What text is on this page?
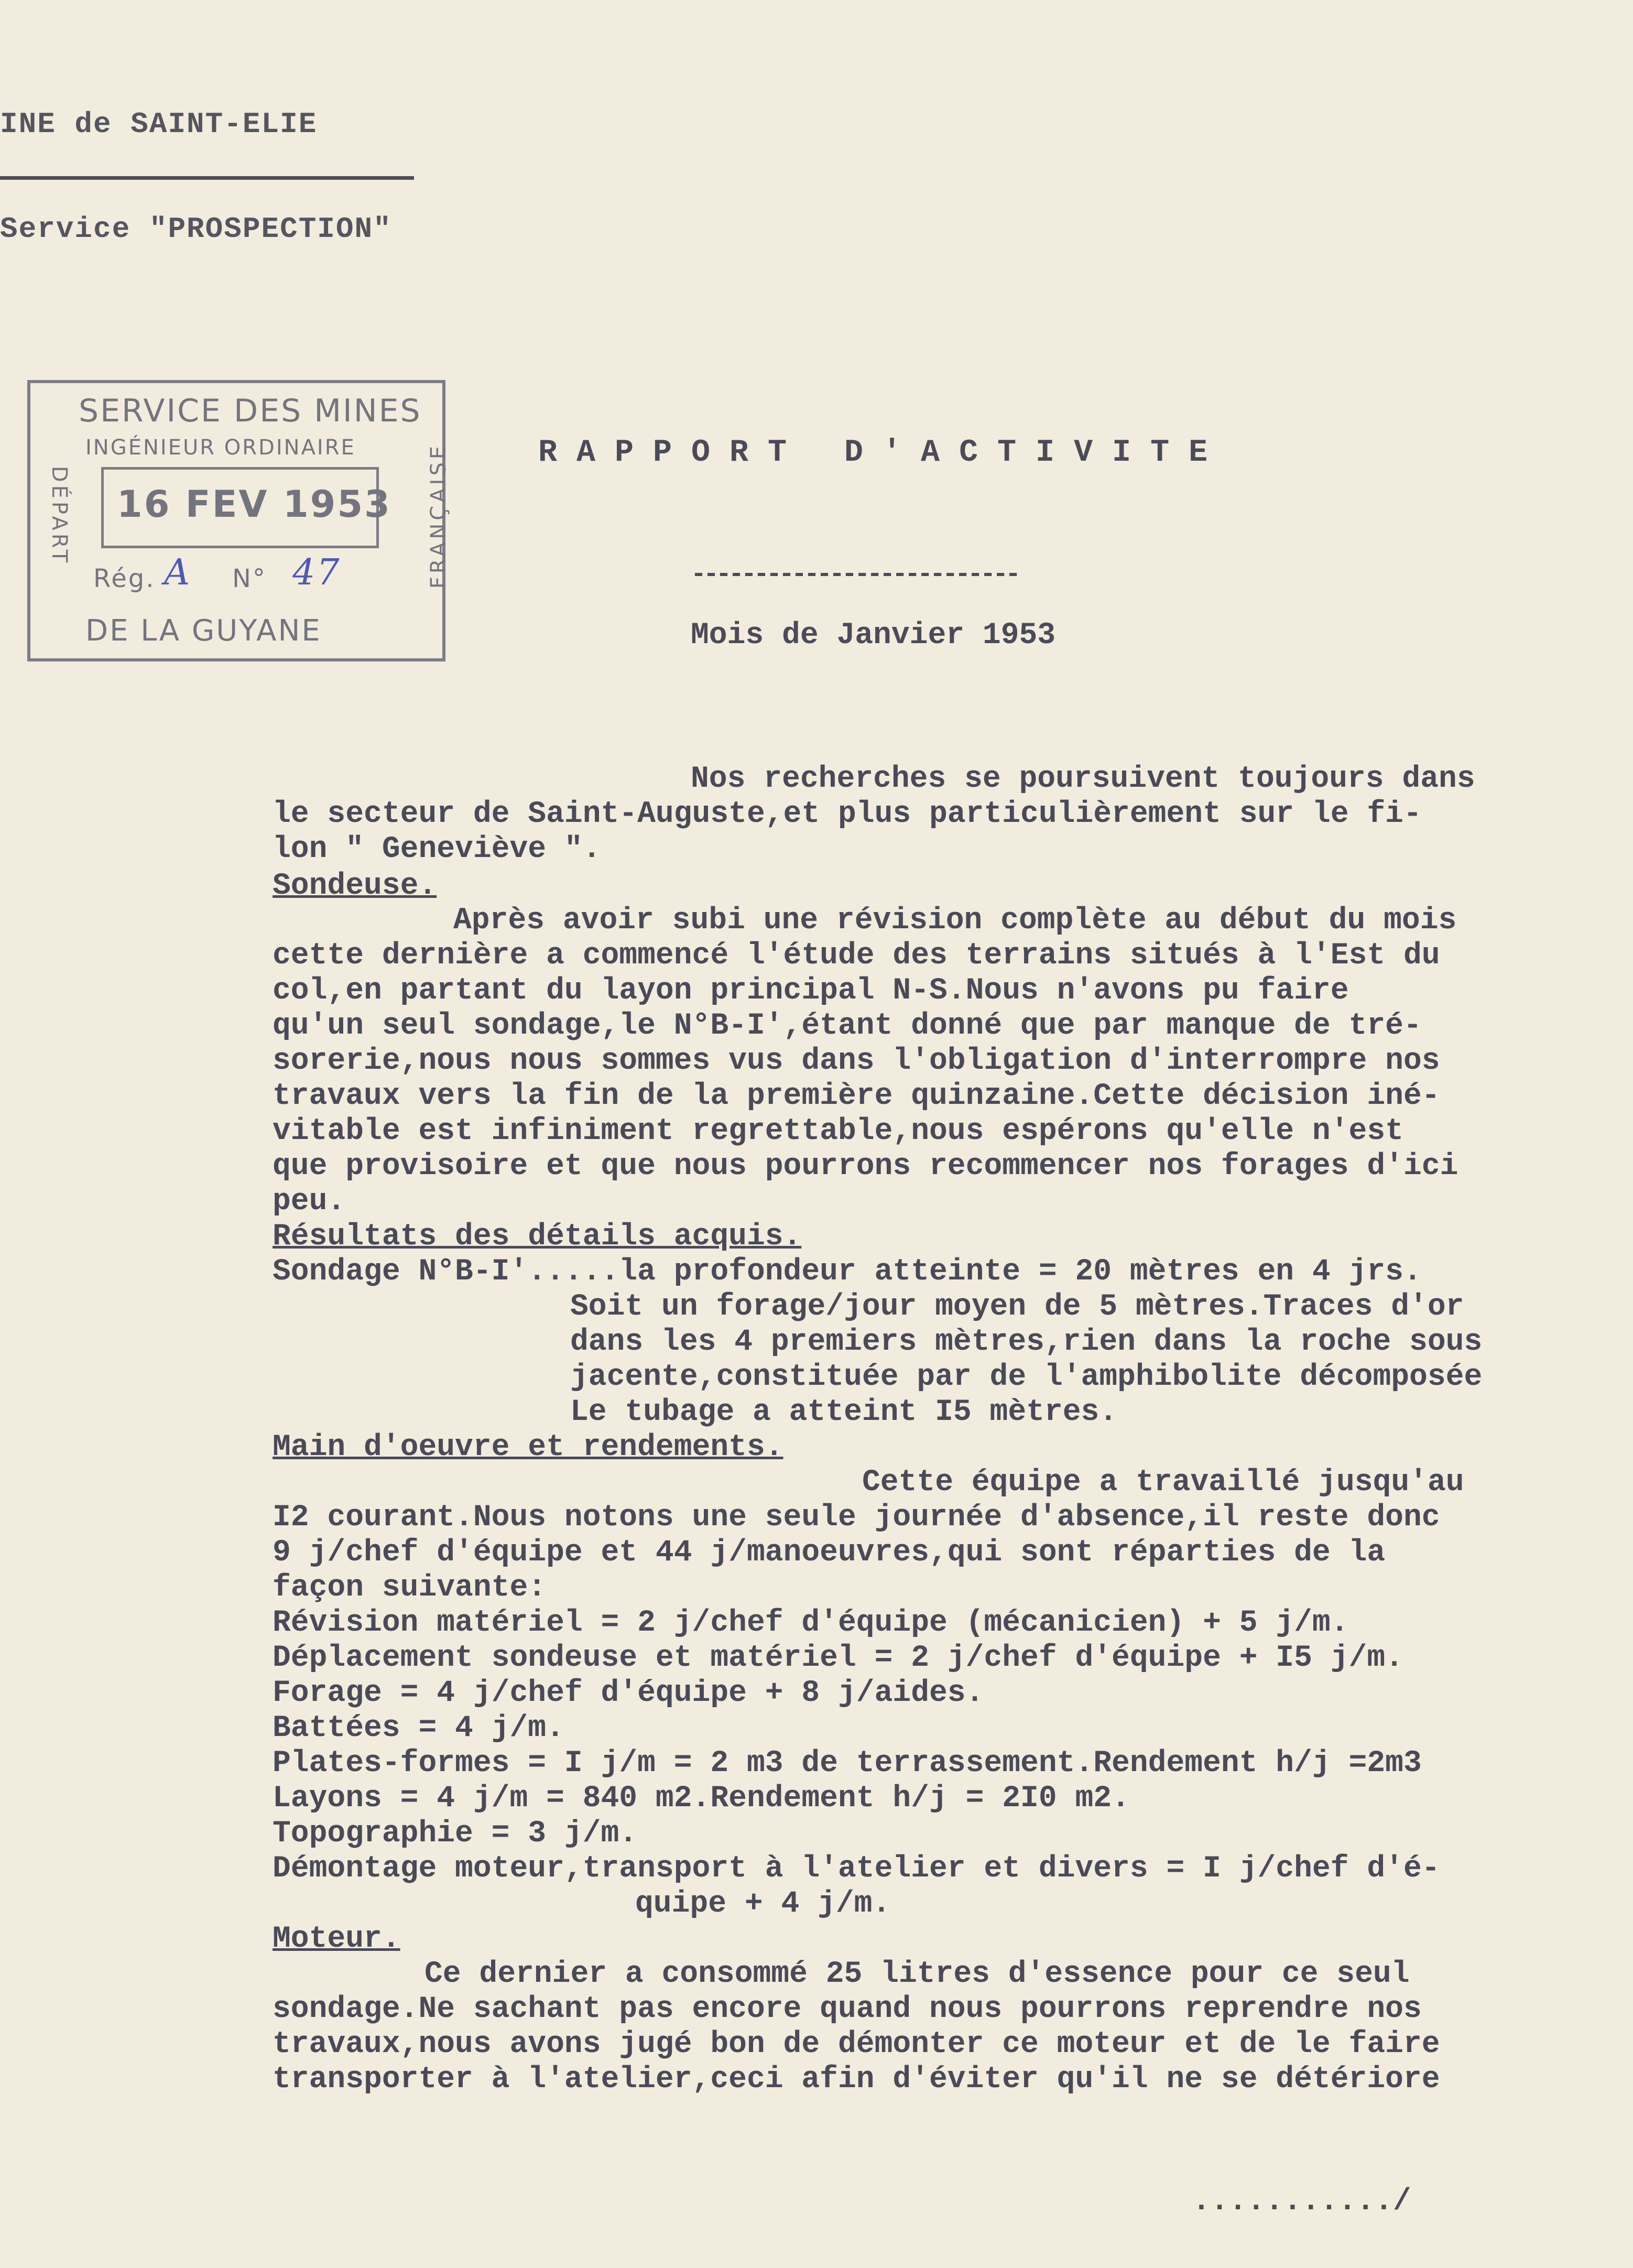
INE de SAINT-ELIE
Service "PROSPECTION"
SERVICE DES MINES
INGÉNIEUR ORDINAIRE
16 FEV 1953
Rég. A N° 47
DE LA GUYANE
DÉPART	FRANÇAISE	RAPPORT D'ACTIVITE
--------------------------
Mois de Janvier 1953
Nos recherches se poursuivent toujours dans
le secteur de Saint-Auguste,et plus particulièrement sur le fi-
lon " Geneviève ".
Sondeuse.
Après avoir subi une révision complète au début du mois
cette dernière a commencé l'étude des terrains situés à l'Est du
col,en partant du layon principal N-S.Nous n'avons pu faire
qu'un seul sondage,le N°B-I',étant donné que par manque de tré-
sorerie,nous nous sommes vus dans l'obligation d'interrompre nos
travaux vers la fin de la première quinzaine.Cette décision iné-
vitable est infiniment regrettable,nous espérons qu'elle n'est
que provisoire et que nous pourrons recommencer nos forages d'ici
peu.
Résultats des détails acquis.
Sondage N°B-I'.....la profondeur atteinte = 20 mètres en 4 jrs.
Soit un forage/jour moyen de 5 mètres.Traces d'or
dans les 4 premiers mètres,rien dans la roche sous
jacente,constituée par de l'amphibolite décomposée
Le tubage a atteint I5 mètres.
Main d'oeuvre et rendements.
Cette équipe a travaillé jusqu'au
I2 courant.Nous notons une seule journée d'absence,il reste donc
9 j/chef d'équipe et 44 j/manoeuvres,qui sont réparties de la
façon suivante:
Révision matériel = 2 j/chef d'équipe (mécanicien) + 5 j/m.
Déplacement sondeuse et matériel = 2 j/chef d'équipe + I5 j/m.
Forage = 4 j/chef d'équipe + 8 j/aides.
Battées = 4 j/m.
Plates-formes = I j/m = 2 m3 de terrassement.Rendement h/j =2m3
Layons = 4 j/m = 840 m2.Rendement h/j = 2I0 m2.
Topographie = 3 j/m.
Démontage moteur,transport à l'atelier et divers = I j/chef d'é-
quipe + 4 j/m.
Moteur.
Ce dernier a consommé 25 litres d'essence pour ce seul
sondage.Ne sachant pas encore quand nous pourrons reprendre nos
travaux,nous avons jugé bon de démonter ce moteur et de le faire
transporter à l'atelier,ceci afin d'éviter qu'il ne se détériore
.........../
